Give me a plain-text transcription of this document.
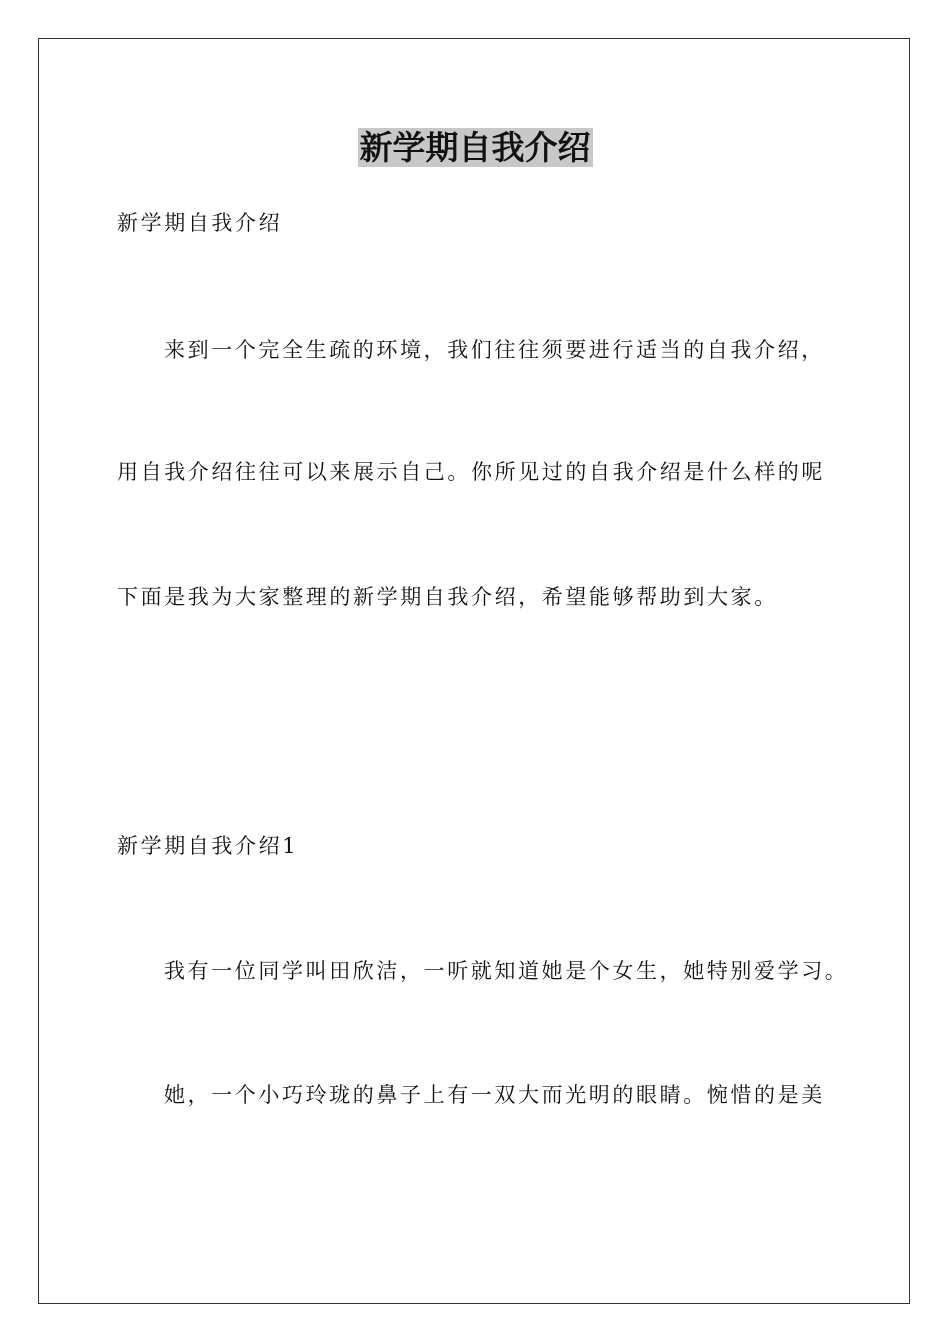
新学期自我介绍

新学期自我介绍

来到一个完全生疏的环境，我们往往须要进行适当的自我介绍，

用自我介绍往往可以来展示自己。你所见过的自我介绍是什么样的呢

下面是我为大家整理的新学期自我介绍，希望能够帮助到大家。

新学期自我介绍1

我有一位同学叫田欣洁，一听就知道她是个女生，她特别爱学习。

她，一个小巧玲珑的鼻子上有一双大而光明的眼睛。惋惜的是美
